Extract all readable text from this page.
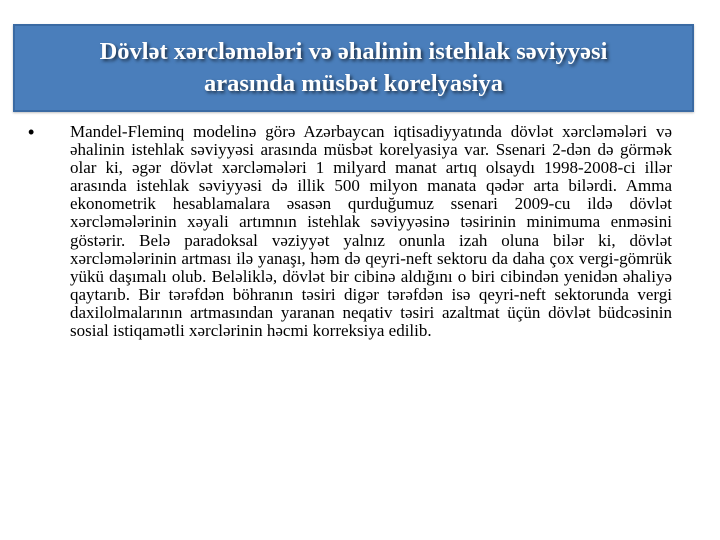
Dövlət xərcləmələri və əhalinin istehlak səviyyəsi
arasında müsbət korelyasiya
•	Mandel-Fleminq modelinə görə Azərbaycan iqtisadiyyatında dövlət xərcləmələri və əhalinin istehlak səviyyəsi arasında müsbət korelyasiya var. Ssenari 2-dən də görmək olar ki, əgər dövlət xərcləmələri 1 milyard manat artıq olsaydı 1998-2008-ci illər arasında istehlak səviyyəsi də illik 500 milyon manata qədər arta bilərdi. Amma ekonometrik hesablamalara əsasən qurduğumuz ssenari 2009-cu ildə dövlət xərcləmələrinin xəyali artımnın istehlak səviyyəsinə təsirinin minimuma enməsini göstərir. Belə paradoksal vəziyyət yalnız onunla izah oluna bilər ki, dövlət xərcləmələrinin artması ilə yanaşı, həm də qeyri-neft sektoru da daha çox vergi-gömrük yükü daşımalı olub. Beləliklə, dövlət bir cibinə aldığını o biri cibindən yenidən əhaliyə qaytarıb. Bir tərəfdən böhranın təsiri digər tərəfdən isə qeyri-neft sektorunda vergi daxilolmalarının artmasından yaranan neqativ təsiri azaltmat üçün dövlət büdcəsinin sosial istiqamətli xərclərinin həcmi korreksiya edilib.
